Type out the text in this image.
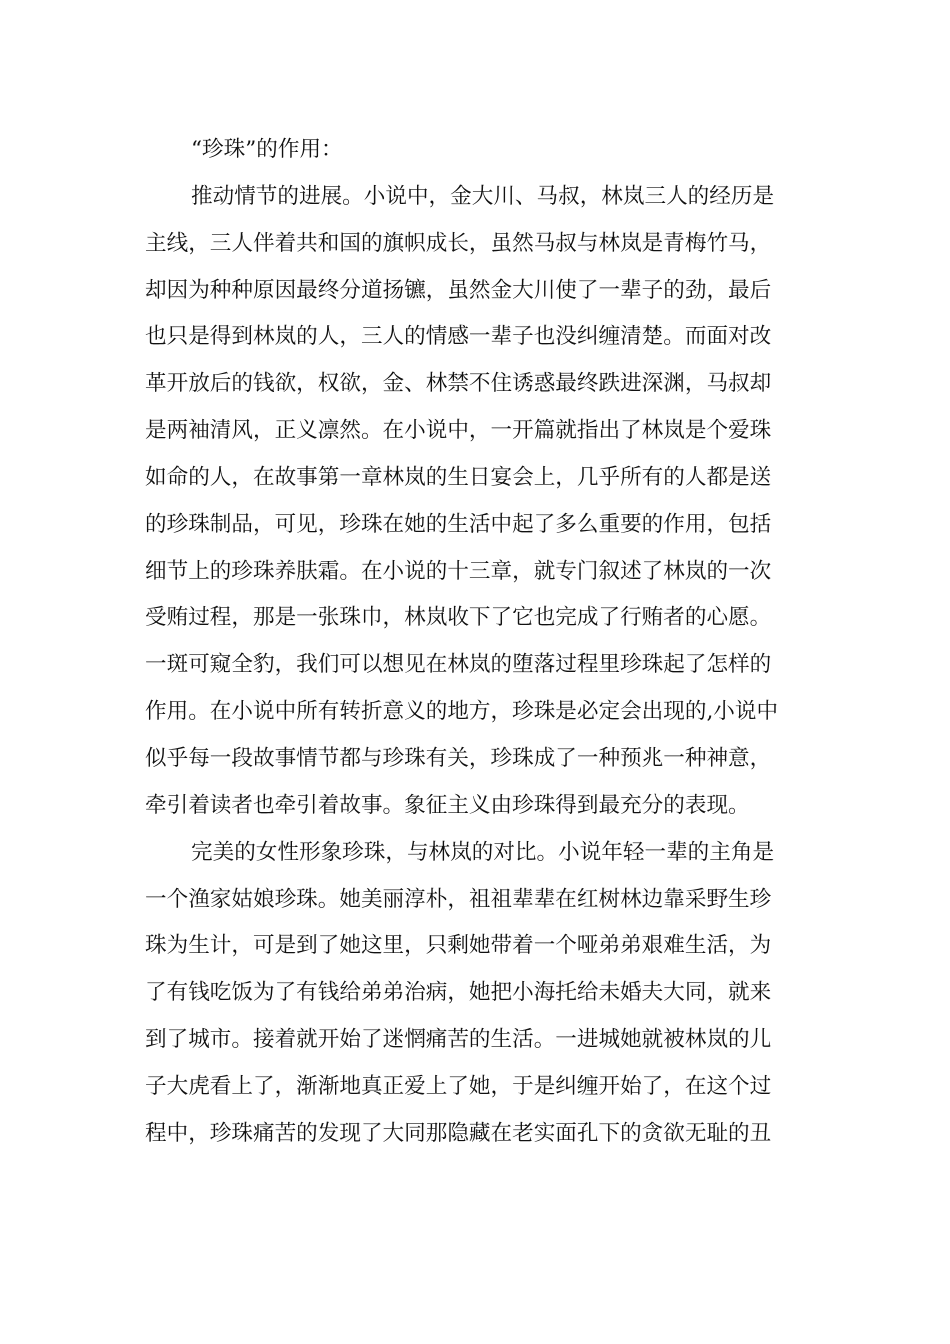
“珍珠”的作用：
推动情节的进展。小说中，金大川、马叔，林岚三人的经历是
主线，三人伴着共和国的旗帜成长，虽然马叔与林岚是青梅竹马，
却因为种种原因最终分道扬镳，虽然金大川使了一辈子的劲，最后
也只是得到林岚的人，三人的情感一辈子也没纠缠清楚。而面对改
革开放后的钱欲，权欲，金、林禁不住诱惑最终跌进深渊，马叔却
是两袖清风，正义凛然。在小说中，一开篇就指出了林岚是个爱珠
如命的人，在故事第一章林岚的生日宴会上，几乎所有的人都是送
的珍珠制品，可见，珍珠在她的生活中起了多么重要的作用，包括
细节上的珍珠养肤霜。在小说的十三章，就专门叙述了林岚的一次
受贿过程，那是一张珠巾，林岚收下了它也完成了行贿者的心愿。
一斑可窥全豹，我们可以想见在林岚的堕落过程里珍珠起了怎样的
作用。在小说中所有转折意义的地方，珍珠是必定会出现的,小说中
似乎每一段故事情节都与珍珠有关，珍珠成了一种预兆一种神意，
牵引着读者也牵引着故事。象征主义由珍珠得到最充分的表现。
完美的女性形象珍珠，与林岚的对比。小说年轻一辈的主角是
一个渔家姑娘珍珠。她美丽淳朴，祖祖辈辈在红树林边靠采野生珍
珠为生计，可是到了她这里，只剩她带着一个哑弟弟艰难生活，为
了有钱吃饭为了有钱给弟弟治病，她把小海托给未婚夫大同，就来
到了城市。接着就开始了迷惘痛苦的生活。一进城她就被林岚的儿
子大虎看上了，渐渐地真正爱上了她，于是纠缠开始了，在这个过
程中，珍珠痛苦的发现了大同那隐藏在老实面孔下的贪欲无耻的丑
